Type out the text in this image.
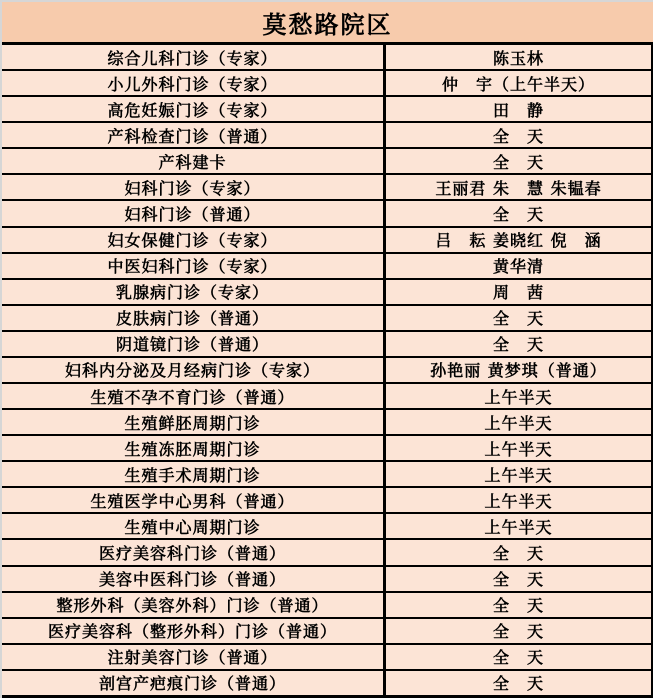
莫愁路院区
综合儿科门诊（专家）	陈玉林
小儿外科门诊（专家）	仲　宇（上午半天）
高危妊娠门诊（专家）	田　静
产科检查门诊（普通）	全　天
产科建卡	全　天
妇科门诊（专家）	王丽君 朱　慧 朱韫春
妇科门诊（普通）	全　天
妇女保健门诊（专家）	吕　耘 姜晓红 倪　涵
中医妇科门诊（专家）	黄华清
乳腺病门诊（专家）	周　茜
皮肤病门诊（普通）	全　天
阴道镜门诊（普通）	全　天
妇科内分泌及月经病门诊（专家）	孙艳丽 黄梦琪（普通）
生殖不孕不育门诊（普通）	上午半天
生殖鲜胚周期门诊	上午半天
生殖冻胚周期门诊	上午半天
生殖手术周期门诊	上午半天
生殖医学中心男科（普通）	上午半天
生殖中心周期门诊	上午半天
医疗美容科门诊（普通）	全　天
美容中医科门诊（普通）	全　天
整形外科（美容外科）门诊（普通）	全　天
医疗美容科（整形外科）门诊（普通）	全　天
注射美容门诊（普通）	全　天
剖宫产疤痕门诊（普通）	全　天
